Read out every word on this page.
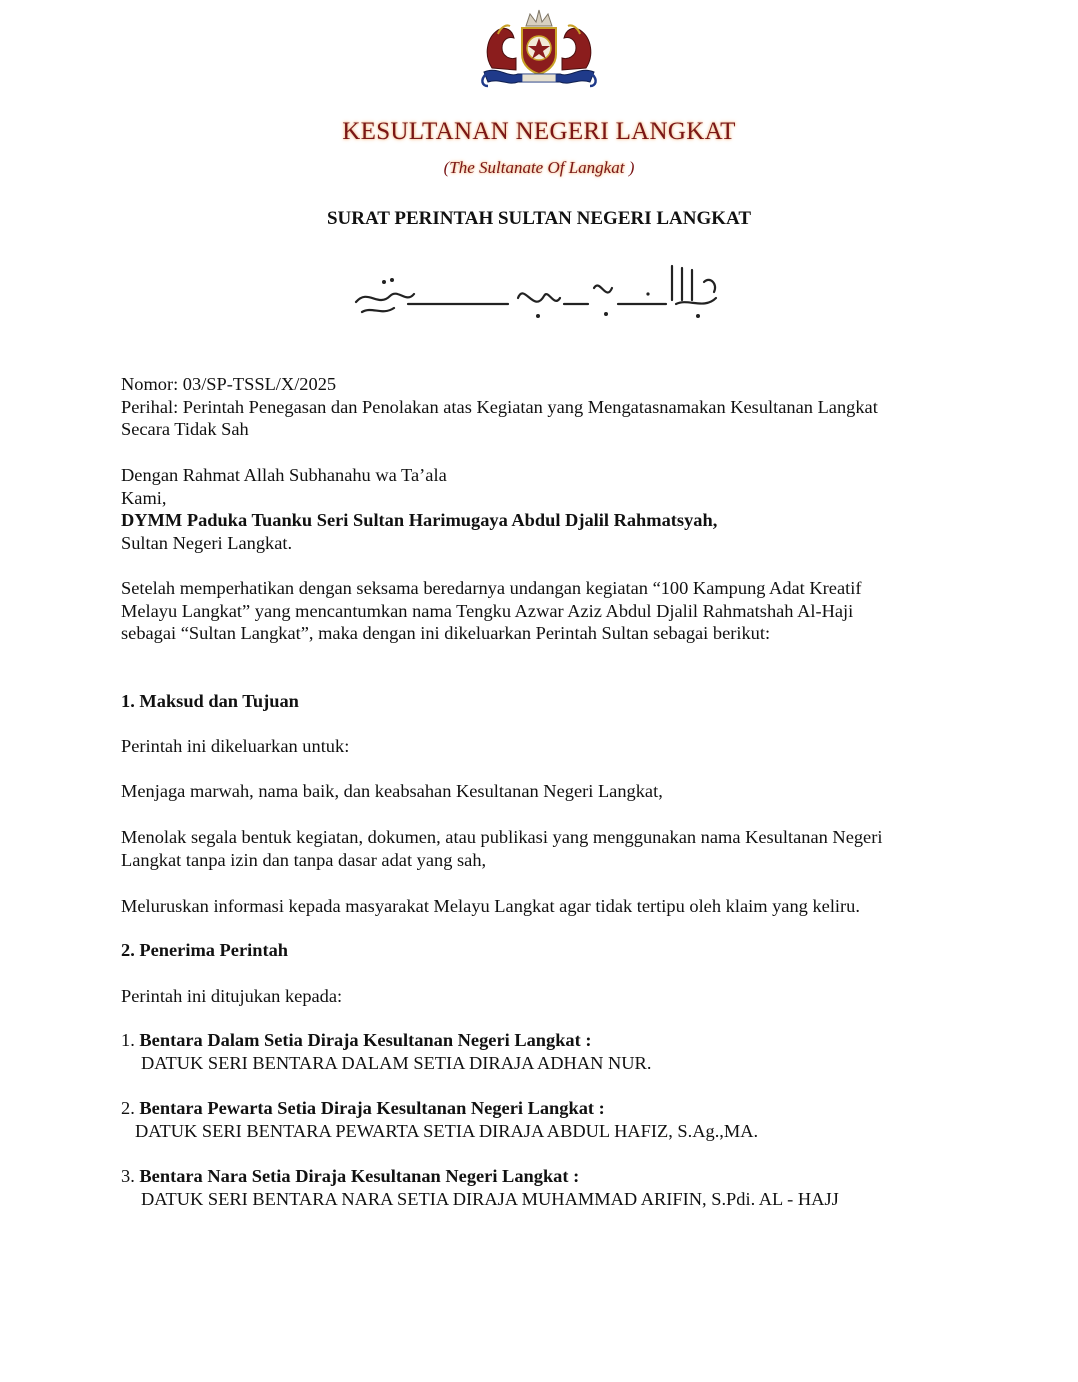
KESULTANAN NEGERI LANGKAT
(The Sultanate Of Langkat )
SURAT PERINTAH SULTAN NEGERI LANGKAT
Nomor: 03/SP-TSSL/X/2025
Perihal: Perintah Penegasan dan Penolakan atas Kegiatan yang Mengatasnamakan Kesultanan Langkat
Secara Tidak Sah
Dengan Rahmat Allah Subhanahu wa Ta’ala
Kami,
DYMM Paduka Tuanku Seri Sultan Harimugaya Abdul Djalil Rahmatsyah,
Sultan Negeri Langkat.
Setelah memperhatikan dengan seksama beredarnya undangan kegiatan “100 Kampung Adat Kreatif
Melayu Langkat” yang mencantumkan nama Tengku Azwar Aziz Abdul Djalil Rahmatshah Al-Haji
sebagai “Sultan Langkat”, maka dengan ini dikeluarkan Perintah Sultan sebagai berikut:
1. Maksud dan Tujuan
Perintah ini dikeluarkan untuk:
Menjaga marwah, nama baik, dan keabsahan Kesultanan Negeri Langkat,
Menolak segala bentuk kegiatan, dokumen, atau publikasi yang menggunakan nama Kesultanan Negeri
Langkat tanpa izin dan tanpa dasar adat yang sah,
Meluruskan informasi kepada masyarakat Melayu Langkat agar tidak tertipu oleh klaim yang keliru.
2. Penerima Perintah
Perintah ini ditujukan kepada:
1. Bentara Dalam Setia Diraja Kesultanan Negeri Langkat :
DATUK SERI BENTARA DALAM SETIA DIRAJA ADHAN NUR.
2. Bentara Pewarta Setia Diraja Kesultanan Negeri Langkat :
DATUK SERI BENTARA PEWARTA SETIA DIRAJA ABDUL HAFIZ, S.Ag.,MA.
3. Bentara Nara Setia Diraja Kesultanan Negeri Langkat :
DATUK SERI BENTARA NARA SETIA DIRAJA MUHAMMAD ARIFIN, S.Pdi. AL - HAJJ
